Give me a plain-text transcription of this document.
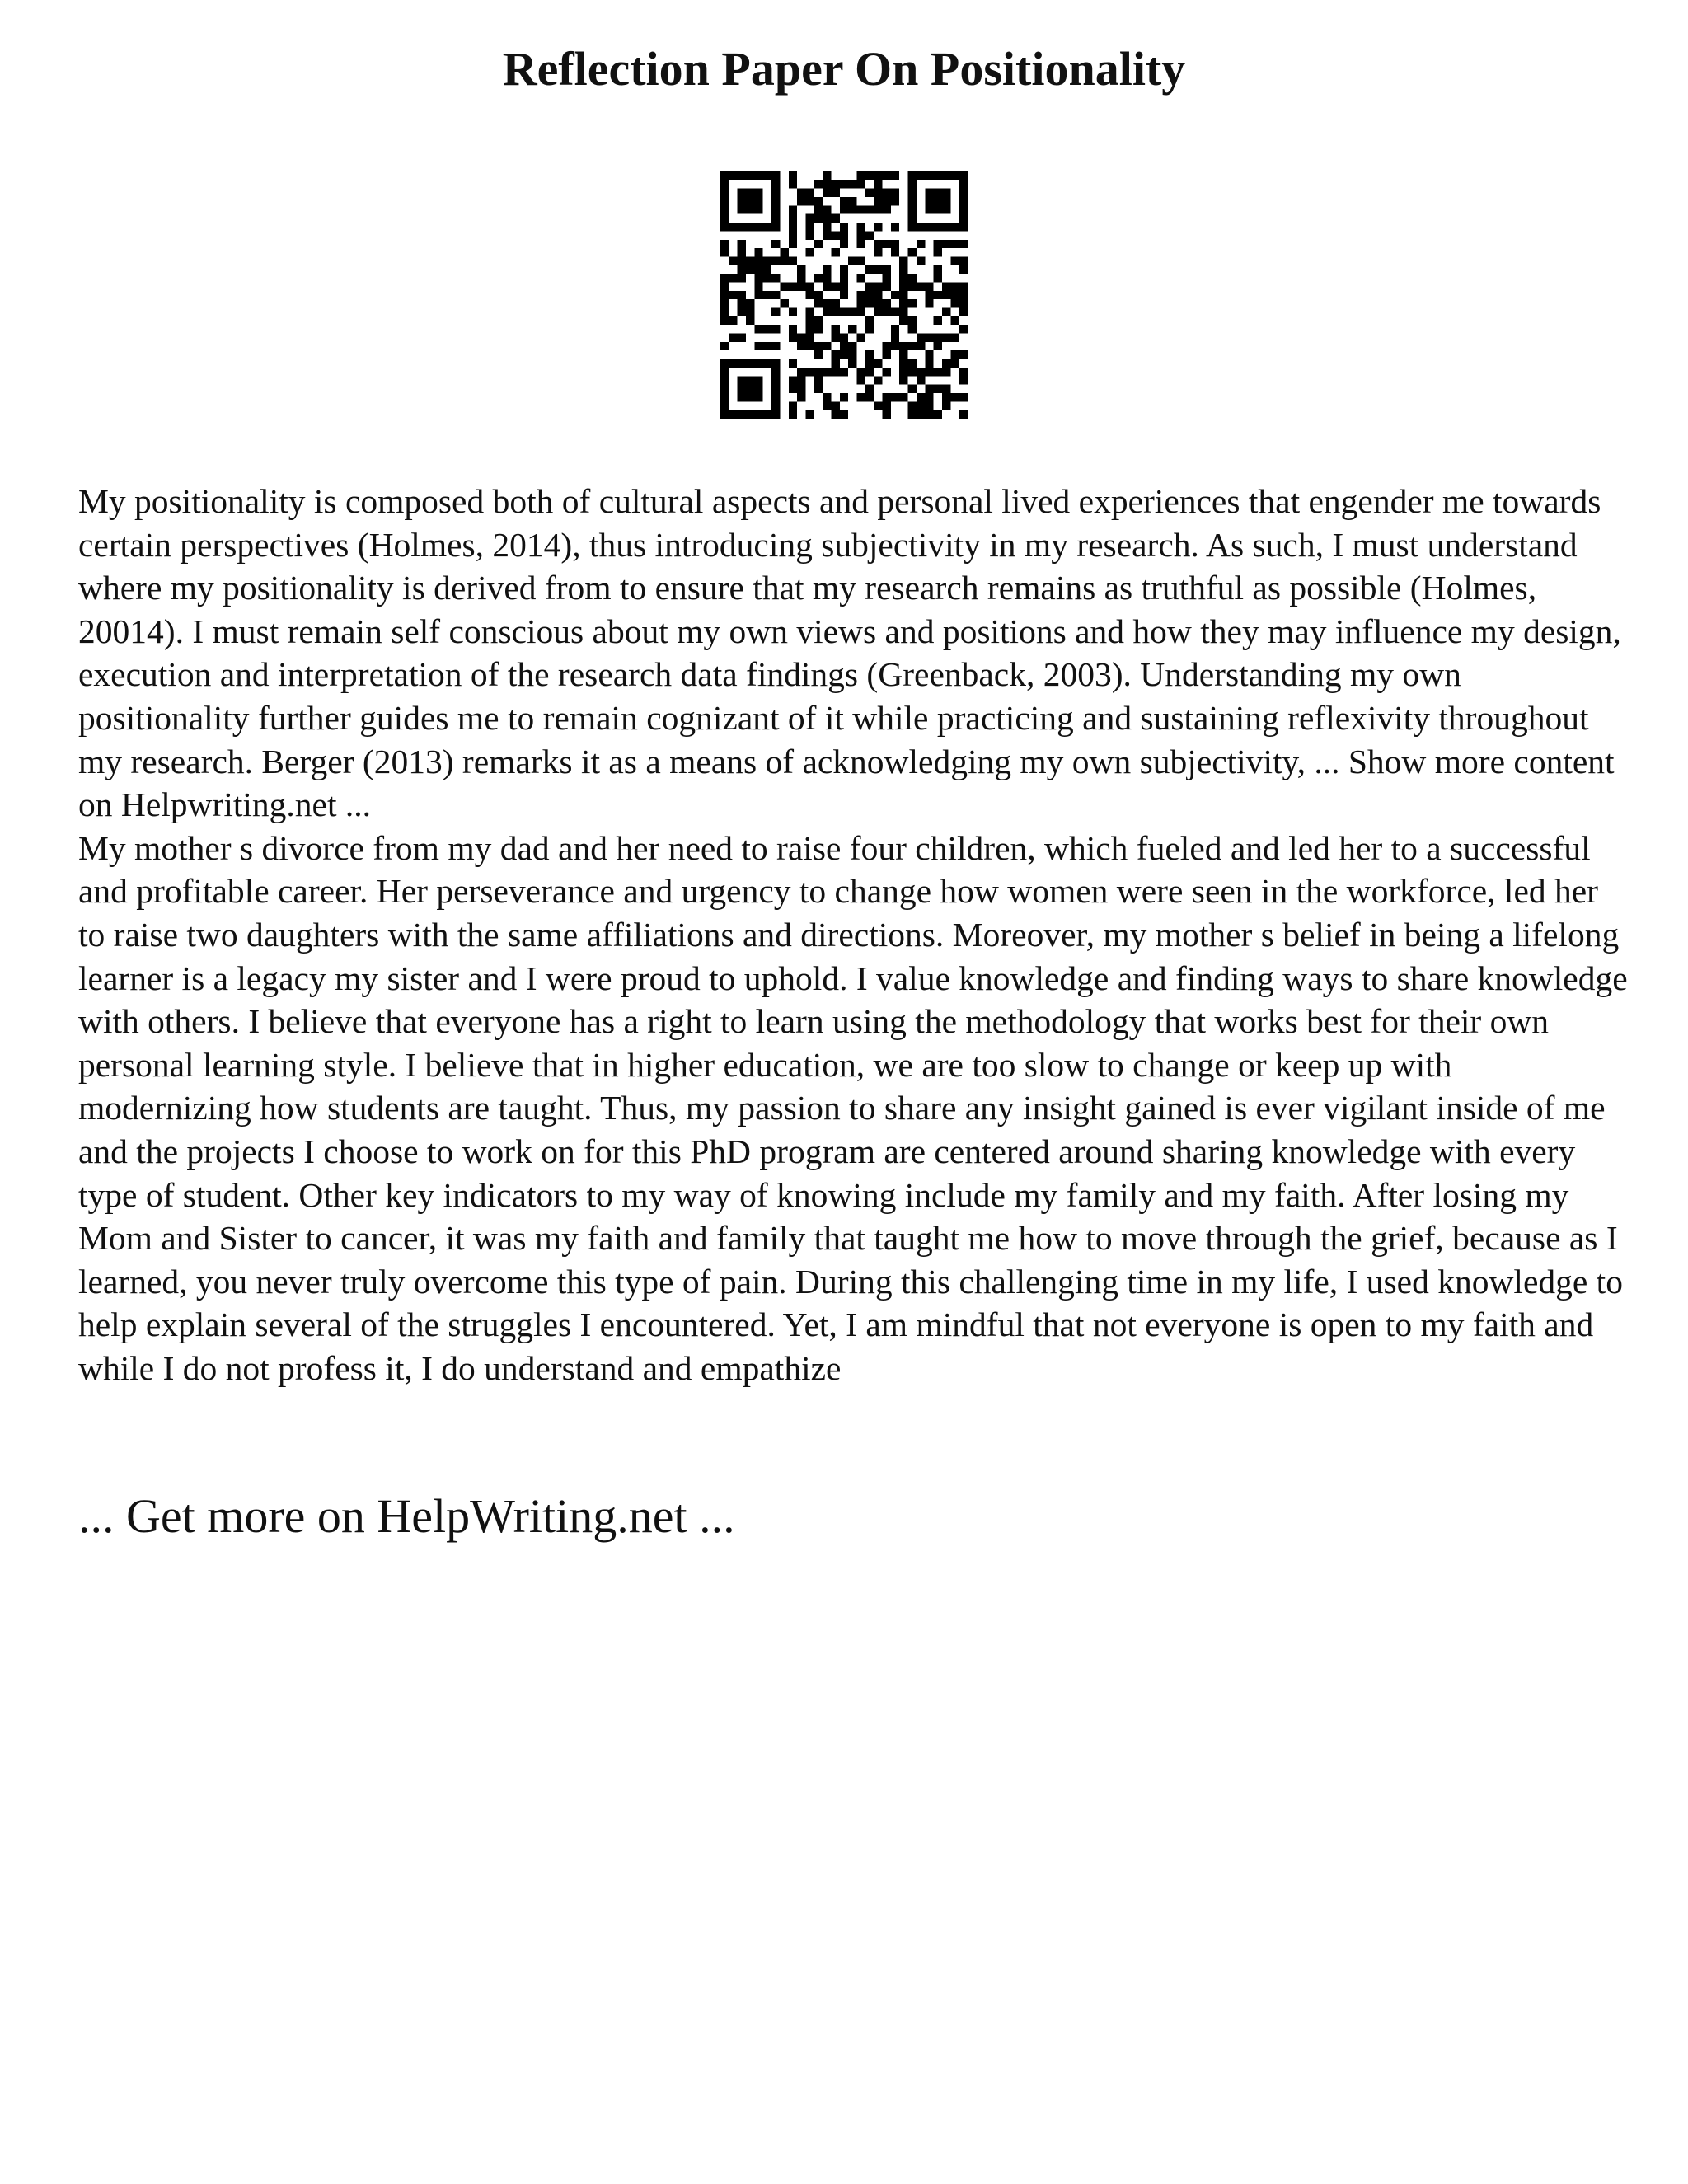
Reflection Paper On Positionality

My positionality is composed both of cultural aspects and personal lived experiences that engender me towards certain perspectives (Holmes, 2014), thus introducing subjectivity in my research. As such, I must understand where my positionality is derived from to ensure that my research remains as truthful as possible (Holmes, 20014). I must remain self conscious about my own views and positions and how they may influence my design, execution and interpretation of the research data findings (Greenback, 2003). Understanding my own positionality further guides me to remain cognizant of it while practicing and sustaining reflexivity throughout my research. Berger (2013) remarks it as a means of acknowledging my own subjectivity, ... Show more content on Helpwriting.net ...

My mother s divorce from my dad and her need to raise four children, which fueled and led her to a successful and profitable career. Her perseverance and urgency to change how women were seen in the workforce, led her to raise two daughters with the same affiliations and directions. Moreover, my mother s belief in being a lifelong learner is a legacy my sister and I were proud to uphold. I value knowledge and finding ways to share knowledge with others. I believe that everyone has a right to learn using the methodology that works best for their own personal learning style. I believe that in higher education, we are too slow to change or keep up with modernizing how students are taught. Thus, my passion to share any insight gained is ever vigilant inside of me and the projects I choose to work on for this PhD program are centered around sharing knowledge with every type of student. Other key indicators to my way of knowing include my family and my faith. After losing my Mom and Sister to cancer, it was my faith and family that taught me how to move through the grief, because as I learned, you never truly overcome this type of pain. During this challenging time in my life, I used knowledge to help explain several of the struggles I encountered. Yet, I am mindful that not everyone is open to my faith and while I do not profess it, I do understand and empathize

... Get more on HelpWriting.net ...
